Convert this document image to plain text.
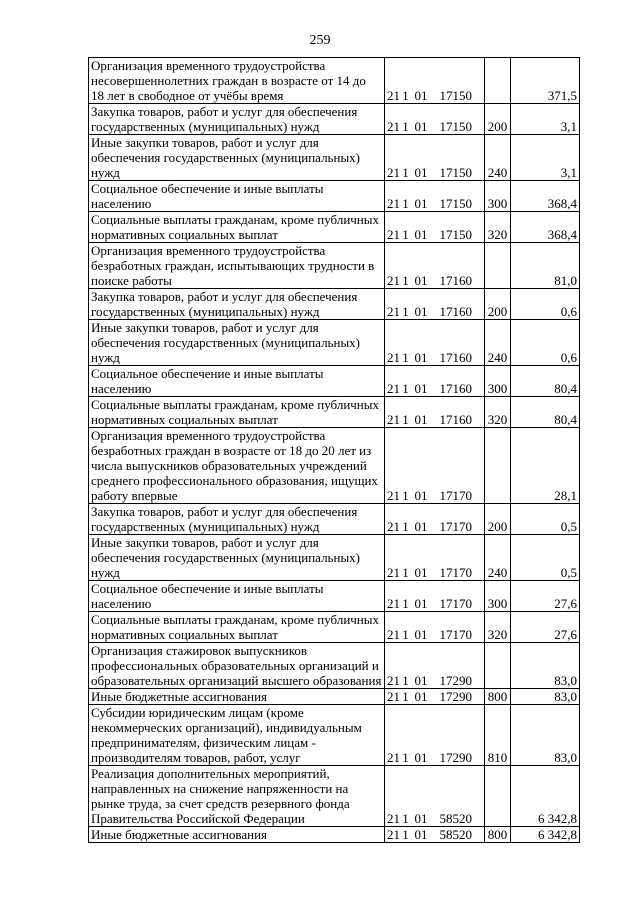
259
Организация временного трудоустройства несовершеннолетних граждан в возрасте от 14 до 18 лет в свободное от учёбы время	21 1 01 17150		371,5
Закупка товаров, работ и услуг для обеспечения государственных (муниципальных) нужд	21 1 01 17150	200	3,1
Иные закупки товаров, работ и услуг для обеспечения государственных (муниципальных) нужд	21 1 01 17150	240	3,1
Социальное обеспечение и иные выплаты населению	21 1 01 17150	300	368,4
Социальные выплаты гражданам, кроме публичных нормативных социальных выплат	21 1 01 17150	320	368,4
Организация временного трудоустройства безработных граждан, испытывающих трудности в поиске работы	21 1 01 17160		81,0
Закупка товаров, работ и услуг для обеспечения государственных (муниципальных) нужд	21 1 01 17160	200	0,6
Иные закупки товаров, работ и услуг для обеспечения государственных (муниципальных) нужд	21 1 01 17160	240	0,6
Социальное обеспечение и иные выплаты населению	21 1 01 17160	300	80,4
Социальные выплаты гражданам, кроме публичных нормативных социальных выплат	21 1 01 17160	320	80,4
Организация временного трудоустройства безработных граждан в возрасте от 18 до 20 лет из числа выпускников образовательных учреждений среднего профессионального образования, ищущих работу впервые	21 1 01 17170		28,1
Закупка товаров, работ и услуг для обеспечения государственных (муниципальных) нужд	21 1 01 17170	200	0,5
Иные закупки товаров, работ и услуг для обеспечения государственных (муниципальных) нужд	21 1 01 17170	240	0,5
Социальное обеспечение и иные выплаты населению	21 1 01 17170	300	27,6
Социальные выплаты гражданам, кроме публичных нормативных социальных выплат	21 1 01 17170	320	27,6
Организация стажировок выпускников профессиональных образовательных организаций и образовательных организаций высшего образования	21 1 01 17290		83,0
Иные бюджетные ассигнования	21 1 01 17290	800	83,0
Субсидии юридическим лицам (кроме некоммерческих организаций), индивидуальным предпринимателям, физическим лицам - производителям товаров, работ, услуг	21 1 01 17290	810	83,0
Реализация дополнительных мероприятий, направленных на снижение напряженности на рынке труда, за счет средств резервного фонда Правительства Российской Федерации	21 1 01 58520		6 342,8
Иные бюджетные ассигнования	21 1 01 58520	800	6 342,8
